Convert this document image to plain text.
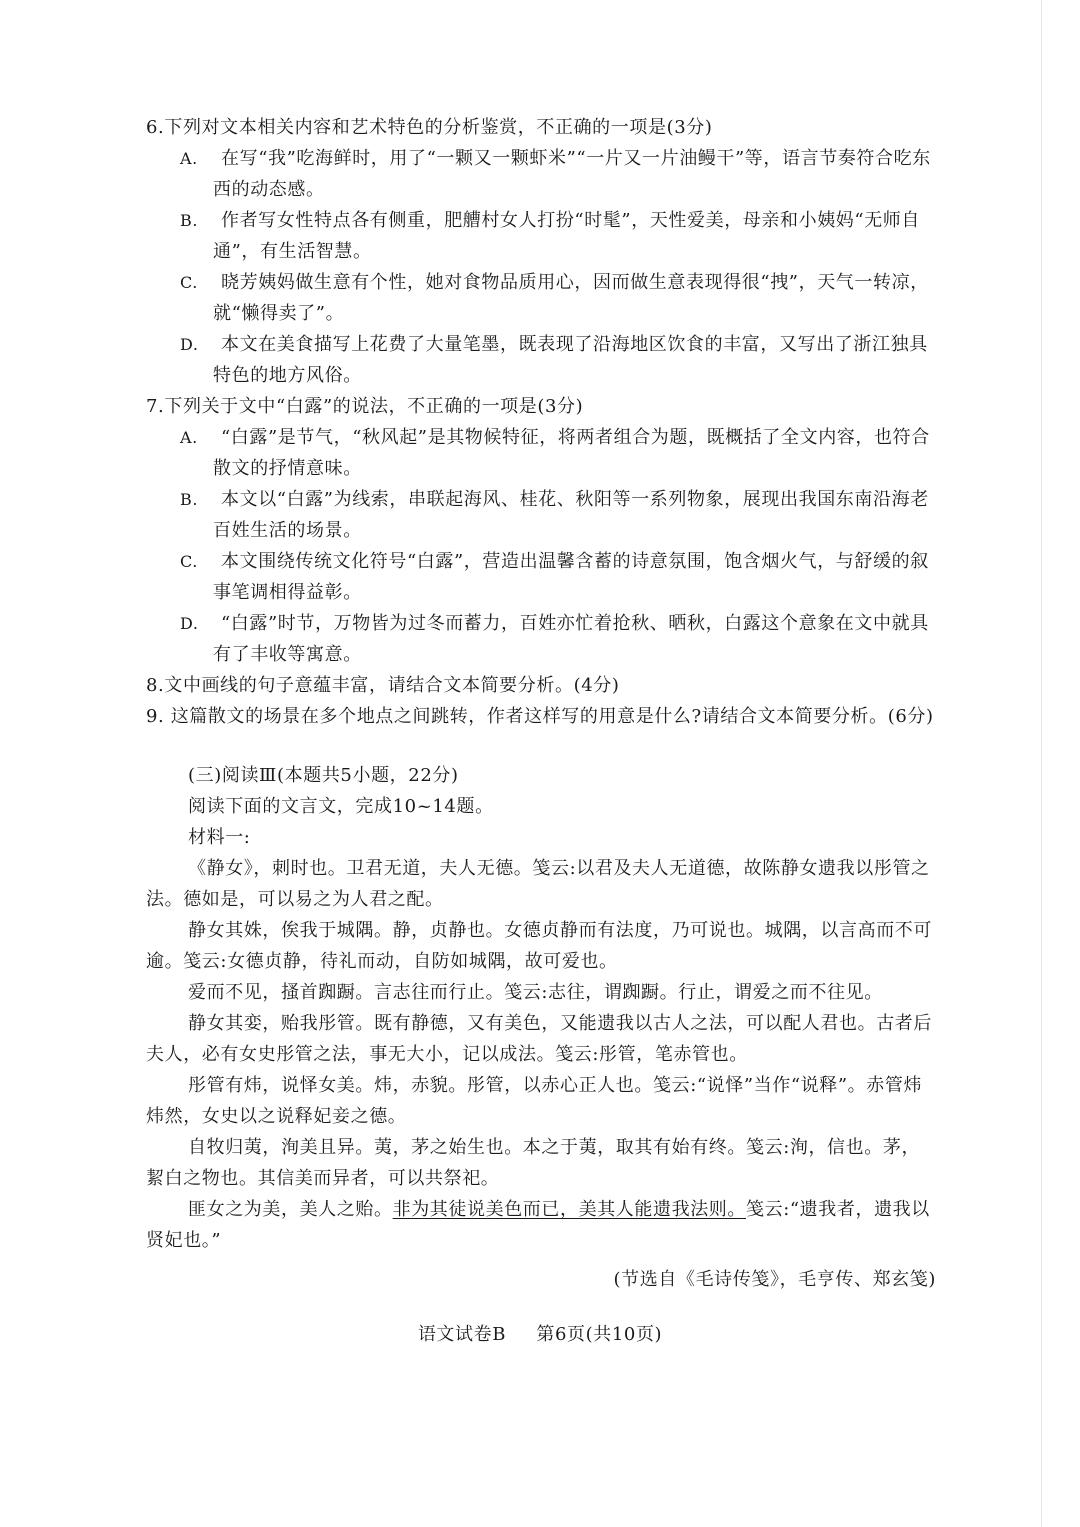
6.下列对文本相关内容和艺术特色的分析鉴赏，不正确的一项是(3分)

A.	在写“我”吃海鲜时，用了“一颗又一颗虾米”“一片又一片油鳗干”等，语言节奏符合吃东西的动态感。
B.	作者写女性特点各有侧重，肥艚村女人打扮“时髦”，天性爱美，母亲和小姨妈“无师自通”，有生活智慧。
C.	晓芳姨妈做生意有个性，她对食物品质用心，因而做生意表现得很“拽”，天气一转凉，就“懒得卖了”。
D.	本文在美食描写上花费了大量笔墨，既表现了沿海地区饮食的丰富，又写出了浙江独具特色的地方风俗。

7.下列关于文中“白露”的说法，不正确的一项是(3分)

A.	“白露”是节气，“秋风起”是其物候特征，将两者组合为题，既概括了全文内容，也符合散文的抒情意味。
B.	本文以“白露”为线索，串联起海风、桂花、秋阳等一系列物象，展现出我国东南沿海老百姓生活的场景。
C.	本文围绕传统文化符号“白露”，营造出温馨含蓄的诗意氛围，饱含烟火气，与舒缓的叙事笔调相得益彰。
D.	“白露”时节，万物皆为过冬而蓄力，百姓亦忙着抢秋、晒秋，白露这个意象在文中就具有了丰收等寓意。

8.文中画线的句子意蕴丰富，请结合文本简要分析。(4分)

9. 这篇散文的场景在多个地点之间跳转，作者这样写的用意是什么?请结合文本简要分析。(6分)

(三)阅读Ⅲ(本题共5小题，22分)

阅读下面的文言文，完成10~14题。

材料一:

《静女》，刺时也。卫君无道，夫人无德。笺云:以君及夫人无道德，故陈静女遗我以彤管之法。德如是，可以易之为人君之配。

静女其姝，俟我于城隅。静，贞静也。女德贞静而有法度，乃可说也。城隅，以言高而不可逾。笺云:女德贞静，待礼而动，自防如城隅，故可爱也。

爱而不见，搔首踟蹰。言志往而行止。笺云:志往，谓踟蹰。行止，谓爱之而不往见。

静女其娈，贻我彤管。既有静德，又有美色，又能遗我以古人之法，可以配人君也。古者后夫人，必有女史彤管之法，事无大小，记以成法。笺云:彤管，笔赤管也。

彤管有炜，说怿女美。炜，赤貌。彤管，以赤心正人也。笺云:“说怿”当作“说释”。赤管炜炜然，女史以之说释妃妾之德。

自牧归荑，洵美且异。荑，茅之始生也。本之于荑，取其有始有终。笺云:洵，信也。茅，絜白之物也。其信美而异者，可以共祭祀。

匪女之为美，美人之贻。非为其徒说美色而已，美其人能遗我法则。笺云:“遗我者，遗我以贤妃也。”

(节选自《毛诗传笺》，毛亨传、郑玄笺)

语文试卷B 第6页(共10页)
